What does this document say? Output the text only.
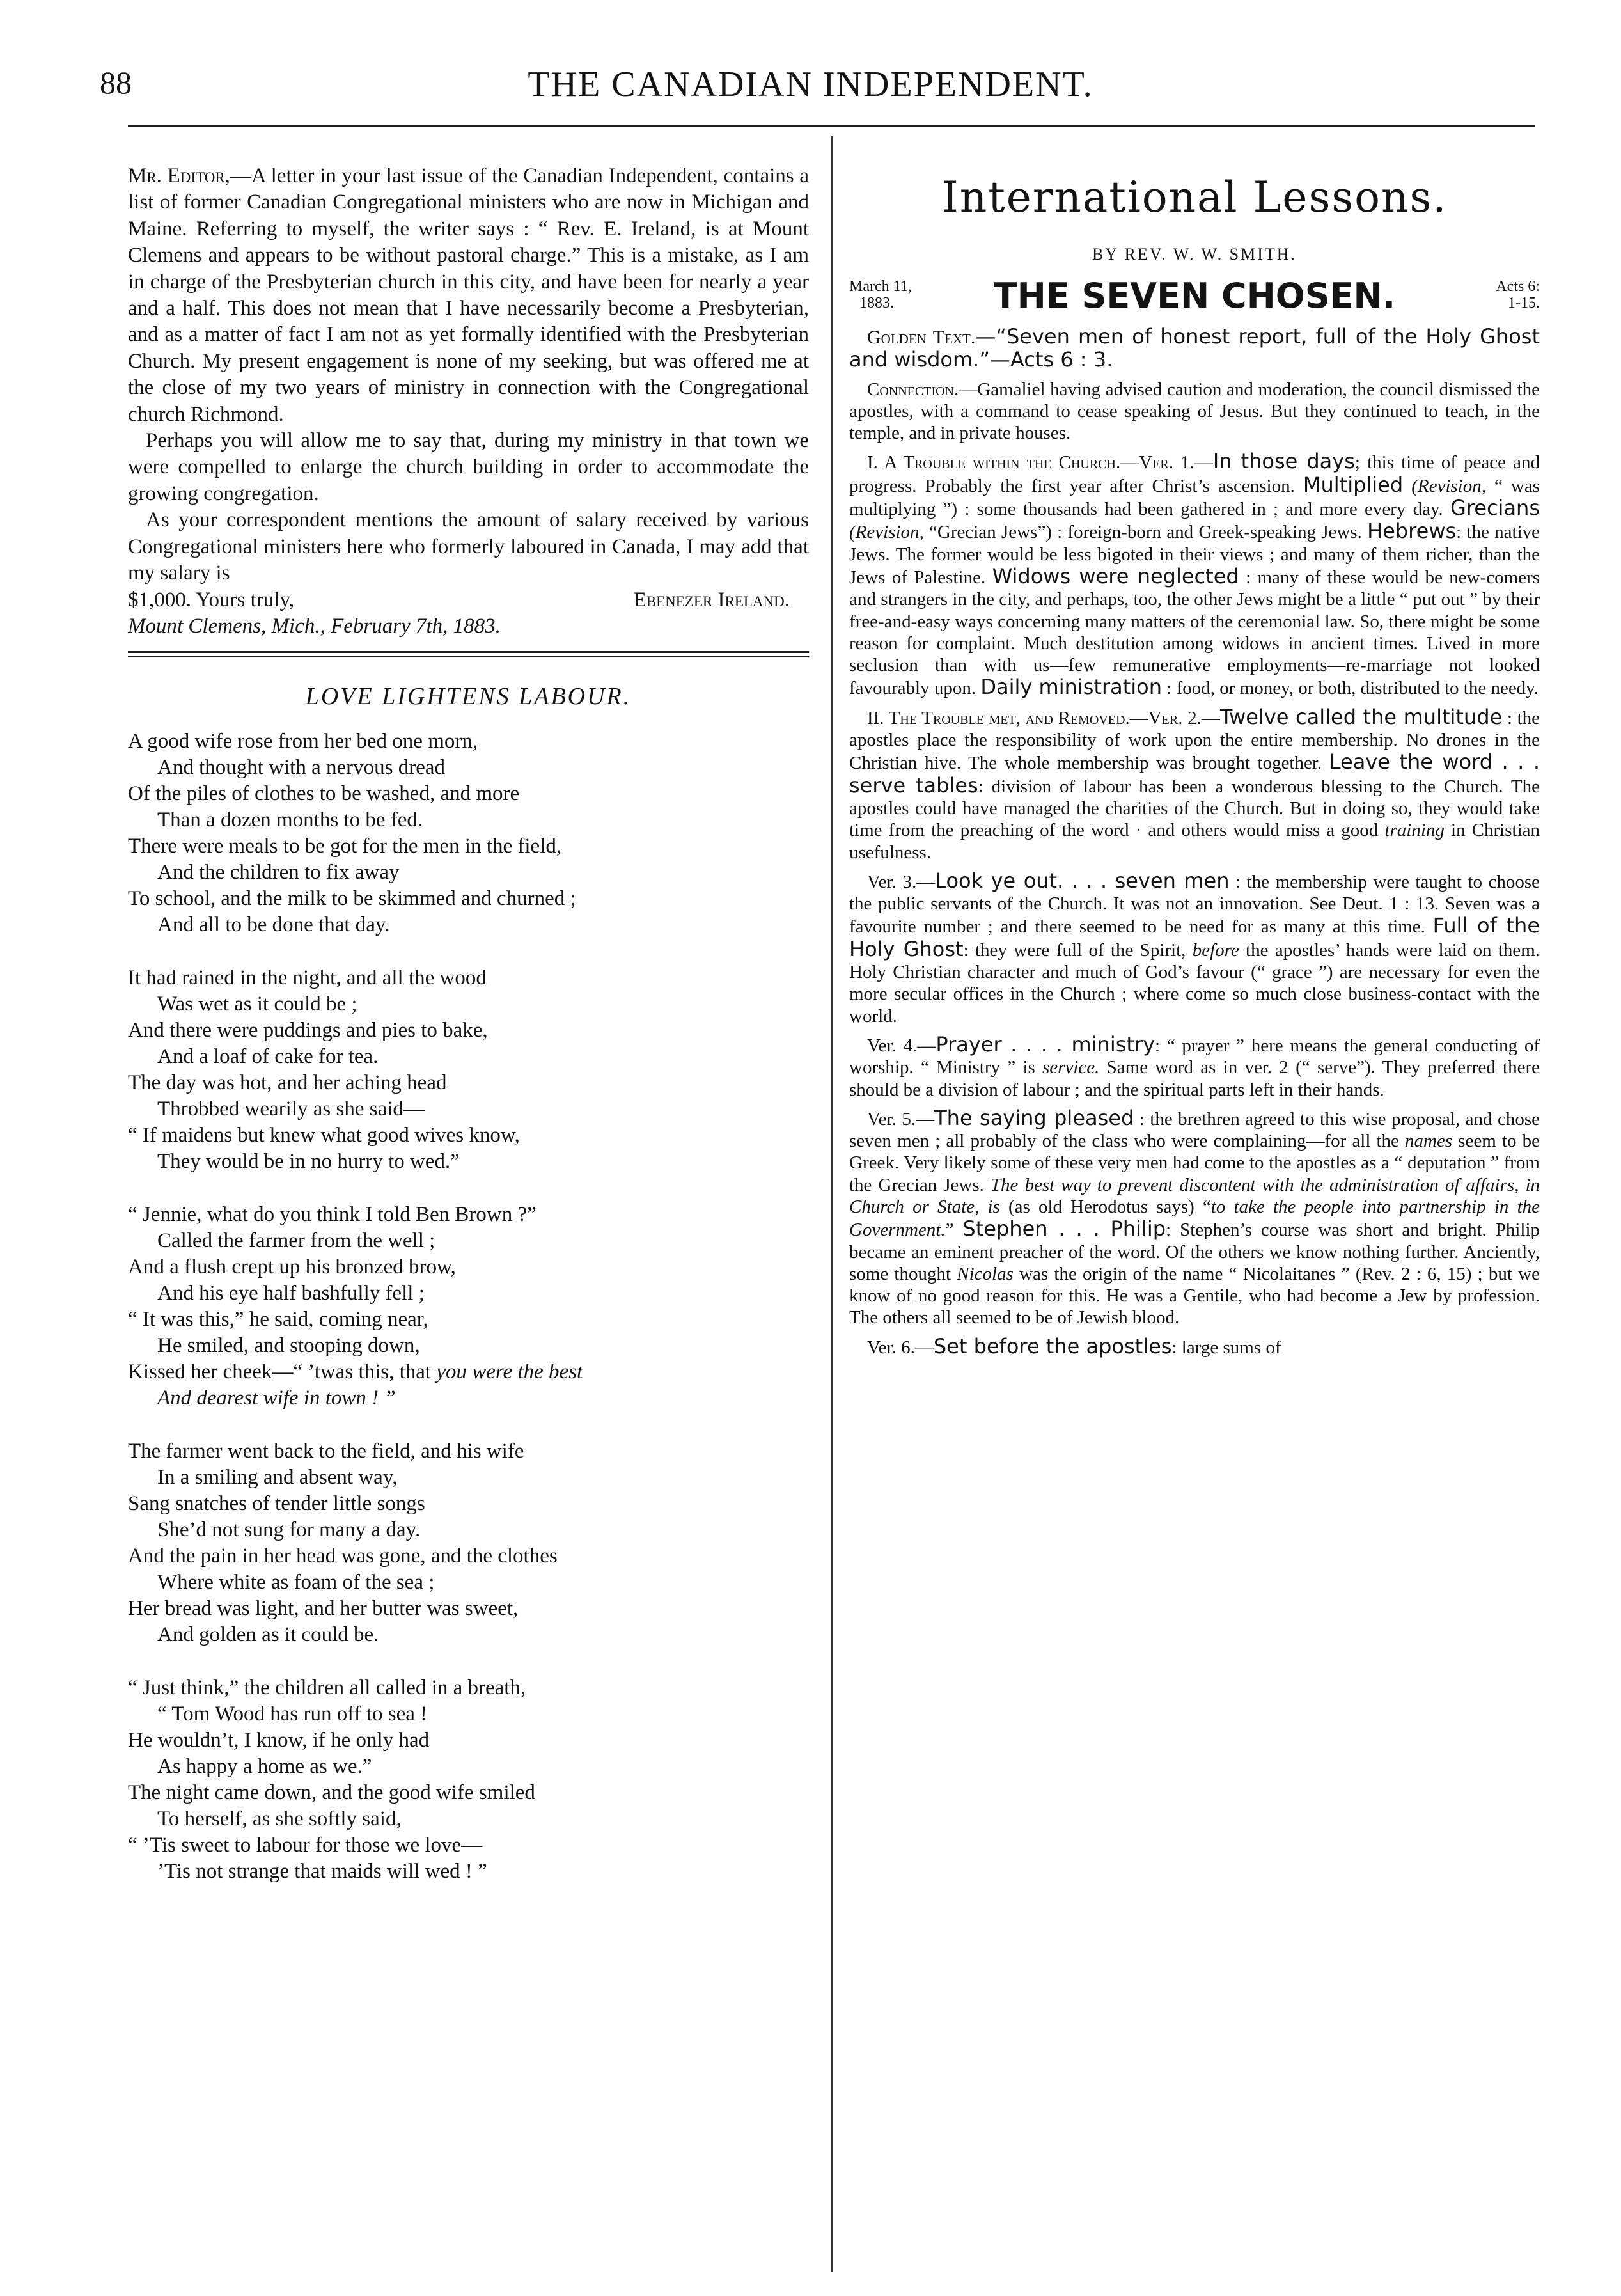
88	THE CANADIAN INDEPENDENT.

Mr. Editor,—A letter in your last issue of the Canadian Independent, contains a list of former Canadian Congregational ministers who are now in Michigan and Maine. Referring to myself, the writer says : “ Rev. E. Ireland, is at Mount Clemens and appears to be without pastoral charge.” This is a mistake, as I am in charge of the Presbyterian church in this city, and have been for nearly a year and a half. This does not mean that I have necessarily become a Presbyterian, and as a matter of fact I am not as yet formally identified with the Presbyterian Church. My present engagement is none of my seeking, but was offered me at the close of my two years of ministry in connection with the Congregational church Richmond.

Perhaps you will allow me to say that, during my ministry in that town we were compelled to enlarge the church building in order to accommodate the growing congregation.

As your correspondent mentions the amount of salary received by various Congregational ministers here who formerly laboured in Canada, I may add that my salary is

$1,000. Yours truly,	Ebenezer Ireland.

Mount Clemens, Mich., February 7th, 1883.

LOVE LIGHTENS LABOUR.
A good wife rose from her bed one morn,
And thought with a nervous dread
Of the piles of clothes to be washed, and more
Than a dozen months to be fed.
There were meals to be got for the men in the field,
And the children to fix away
To school, and the milk to be skimmed and churned ;
And all to be done that day.
It had rained in the night, and all the wood
Was wet as it could be ;
And there were puddings and pies to bake,
And a loaf of cake for tea.
The day was hot, and her aching head
Throbbed wearily as she said—
“ If maidens but knew what good wives know,
They would be in no hurry to wed.”
“ Jennie, what do you think I told Ben Brown ?”
Called the farmer from the well ;
And a flush crept up his bronzed brow,
And his eye half bashfully fell ;
“ It was this,” he said, coming near,
He smiled, and stooping down,
Kissed her cheek—“ ’twas this, that you were the best
And dearest wife in town ! ”
The farmer went back to the field, and his wife
In a smiling and absent way,
Sang snatches of tender little songs
She’d not sung for many a day.
And the pain in her head was gone, and the clothes
Where white as foam of the sea ;
Her bread was light, and her butter was sweet,
And golden as it could be.
“ Just think,” the children all called in a breath,
“ Tom Wood has run off to sea !
He wouldn’t, I know, if he only had
As happy a home as we.”
The night came down, and the good wife smiled
To herself, as she softly said,
“ ’Tis sweet to labour for those we love—
’Tis not strange that maids will wed ! ”
International Lessons.
BY REV. W. W. SMITH.
March 11,
1883.	THE SEVEN CHOSEN.	Acts 6:
1-15.

Golden Text.—“Seven men of honest report, full of the Holy Ghost and wisdom.”—Acts 6 : 3.

Connection.—Gamaliel having advised caution and moderation, the council dismissed the apostles, with a command to cease speaking of Jesus. But they continued to teach, in the temple, and in private houses.

I. A Trouble within the Church.—Ver. 1.—In those days; this time of peace and progress. Probably the first year after Christ’s ascension. Multiplied (Revision, “ was multiplying ”) : some thousands had been gathered in ; and more every day. Grecians (Revision, “Grecian Jews”) : foreign-born and Greek-speaking Jews. Hebrews: the native Jews. The former would be less bigoted in their views ; and many of them richer, than the Jews of Palestine. Widows were neglected : many of these would be new-comers and strangers in the city, and perhaps, too, the other Jews might be a little “ put out ” by their free-and-easy ways concerning many matters of the ceremonial law. So, there might be some reason for complaint. Much destitution among widows in ancient times. Lived in more seclusion than with us—few remunerative employments—re-marriage not looked favourably upon. Daily ministration : food, or money, or both, distributed to the needy.

II. The Trouble met, and Removed.—Ver. 2.—Twelve called the multitude : the apostles place the responsibility of work upon the entire membership. No drones in the Christian hive. The whole membership was brought together. Leave the word . . . serve tables: division of labour has been a wonderous blessing to the Church. The apostles could have managed the charities of the Church. But in doing so, they would take time from the preaching of the word · and others would miss a good training in Christian usefulness.

Ver. 3.—Look ye out. . . . seven men : the membership were taught to choose the public servants of the Church. It was not an innovation. See Deut. 1 : 13. Seven was a favourite number ; and there seemed to be need for as many at this time. Full of the Holy Ghost: they were full of the Spirit, before the apostles’ hands were laid on them. Holy Christian character and much of God’s favour (“ grace ”) are necessary for even the more secular offices in the Church ; where come so much close business-contact with the world.

Ver. 4.—Prayer . . . . ministry: “ prayer ” here means the general conducting of worship. “ Ministry ” is service. Same word as in ver. 2 (“ serve”). They preferred there should be a division of labour ; and the spiritual parts left in their hands.

Ver. 5.—The saying pleased : the brethren agreed to this wise proposal, and chose seven men ; all probably of the class who were complaining—for all the names seem to be Greek. Very likely some of these very men had come to the apostles as a “ deputation ” from the Grecian Jews. The best way to prevent discontent with the administration of affairs, in Church or State, is (as old Herodotus says) “to take the people into partnership in the Government.” Stephen . . . Philip: Stephen’s course was short and bright. Philip became an eminent preacher of the word. Of the others we know nothing further. Anciently, some thought Nicolas was the origin of the name “ Nicolaitanes ” (Rev. 2 : 6, 15) ; but we know of no good reason for this. He was a Gentile, who had become a Jew by profession. The others all seemed to be of Jewish blood.

Ver. 6.—Set before the apostles: large sums of
